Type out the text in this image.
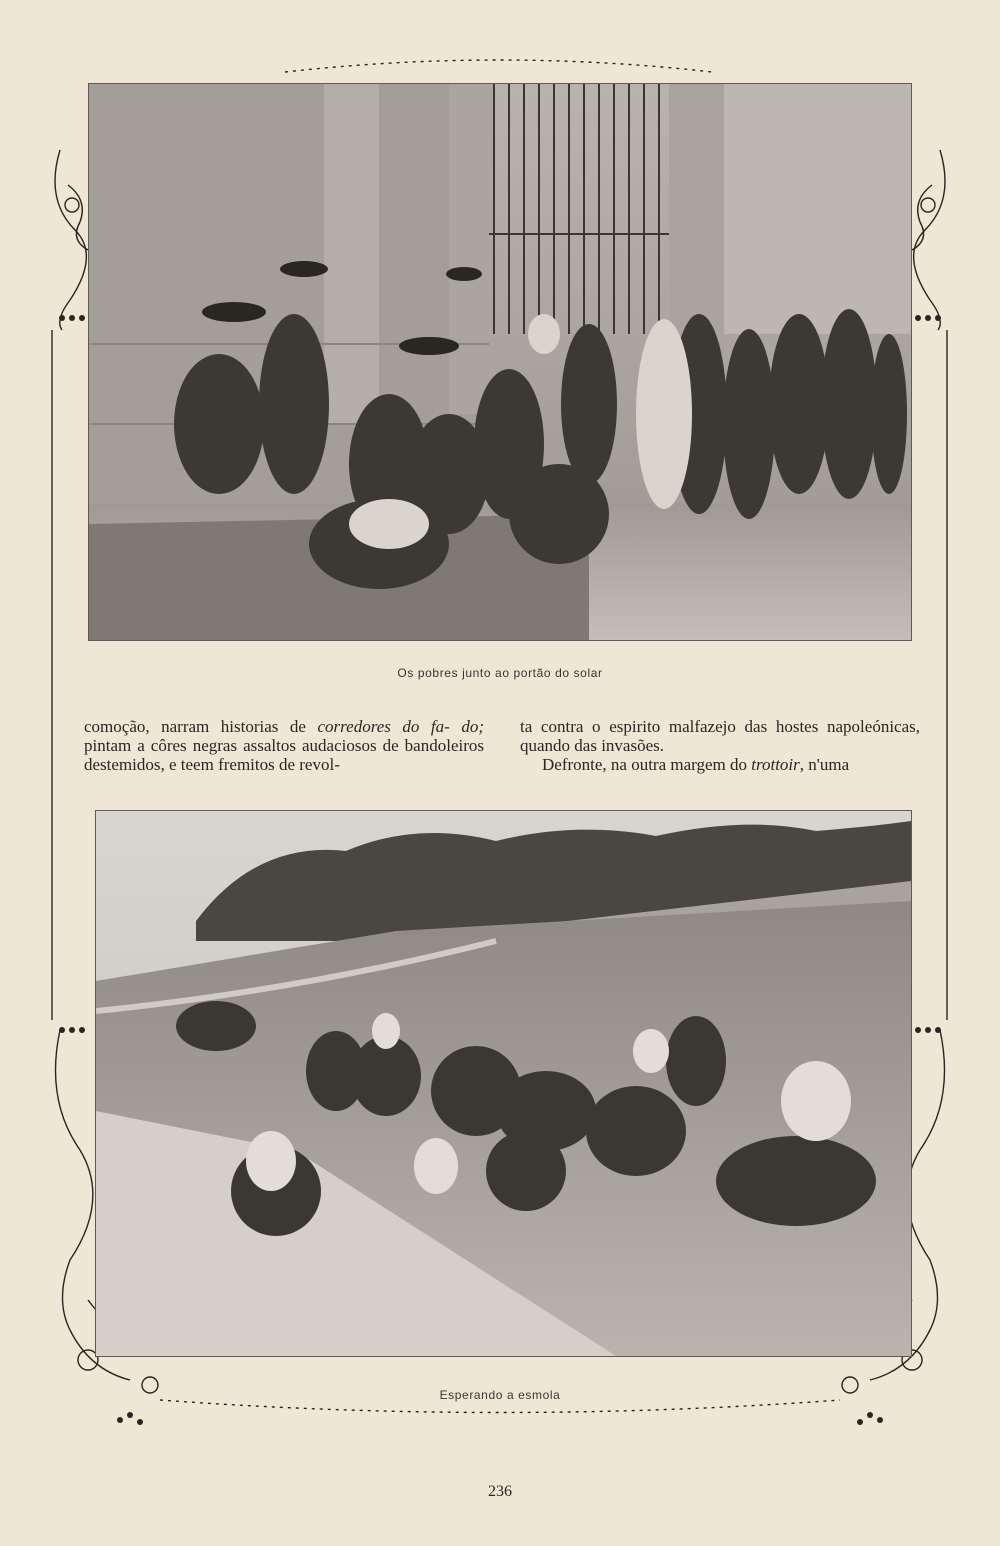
Os pobres junto ao portão do solar

comoção, narram historias de corredores do fa- do; pintam a côres negras assaltos audaciosos de bandoleiros destemidos, e teem fremitos de revol-

ta contra o espirito malfazejo das hostes napoleónicas, quando das invasões.

Defronte, na outra margem do trottoir, n'uma

Esperando a esmola
236
